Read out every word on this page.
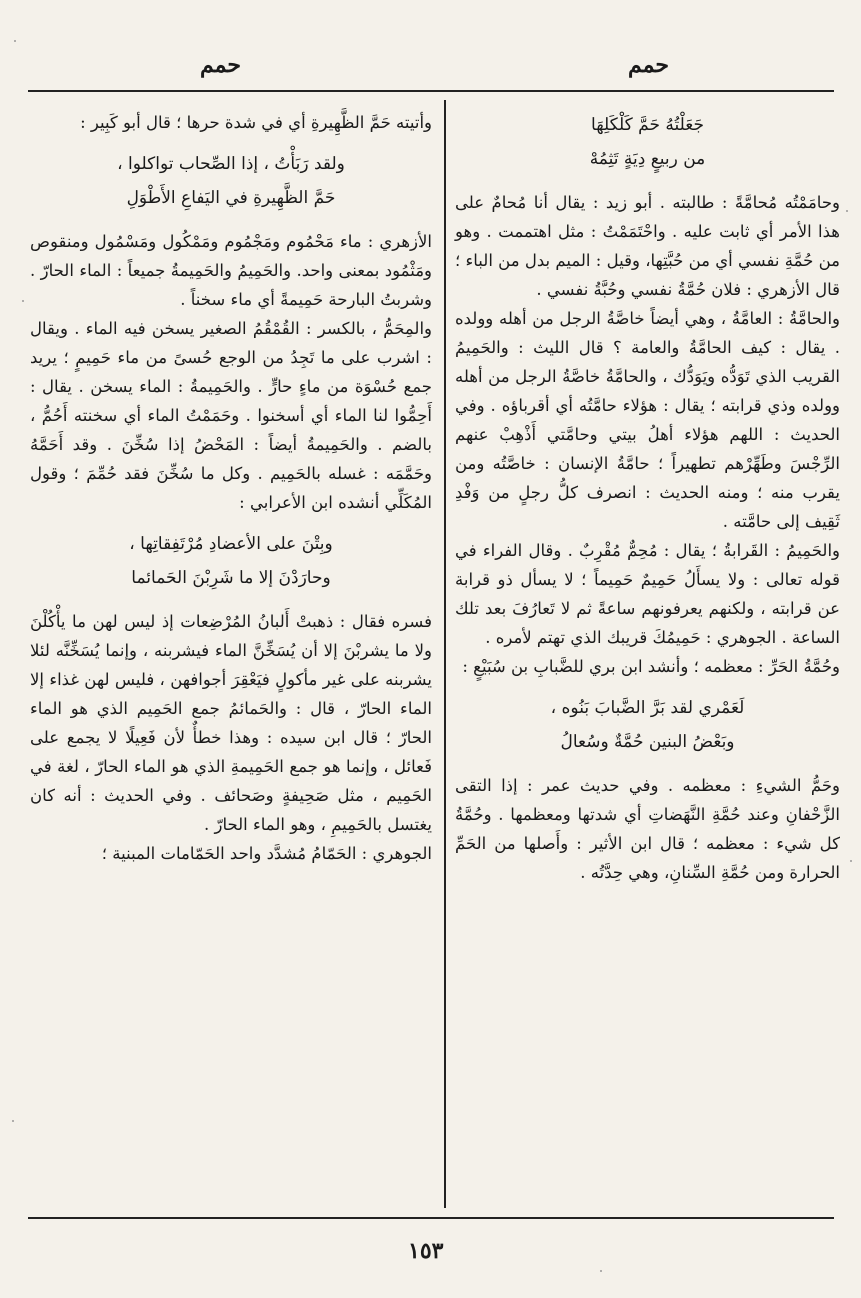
حمم
حمم

جَعَلْتُهُ حَمَّ كَلْكَلِهَا

من ربيعٍ دِيَةٍ تَثِمُهْ

وحامَمْتُه مُحامَّةً : طالبته . أبو زيد : يقال أنا مُحامٌ على هذا الأمر أي ثابت عليه . واحْتَمَمْتُ : مثل اهتممت . وهو من حُمَّةِ نفسي أي من حُبَّتِها، وقيل : الميم بدل من الباء ؛ قال الأزهري : فلان حُمَّةُ نفسي وحُبَّةُ نفسي .

والحامَّةُ : العامَّةُ ، وهي أيضاً خاصَّةُ الرجل من أهله وولده . يقال : كيف الحامَّةُ والعامة ؟ قال الليث : والحَمِيمُ القريب الذي تَوَدُّه ويَوَدُّك ، والحامَّةُ خاصَّةُ الرجل من أهله وولده وذي قرابته ؛ يقال : هؤلاء حامَّتُه أي أقرباؤه . وفي الحديث : اللهم هؤلاء أهلُ بيتي وحامَّتي أَذْهِبْ عنهم الرِّجْسَ وطَهِّرْهم تطهيراً ؛ حامَّةُ الإنسان : خاصَّتُه ومن يقرب منه ؛ ومنه الحديث : انصرف كلُّ رجلٍ من وَفْدِ ثَقِيف إلى حامَّته .

والحَمِيمُ : القَرابةُ ؛ يقال : مُحِمٌّ مُقْرِبٌ . وقال الفراء في قوله تعالى : ولا يسأَلُ حَمِيمٌ حَمِيماً ؛ لا يسأل ذو قرابة عن قرابته ، ولكنهم يعرفونهم ساعةً ثم لا تَعارُفَ بعد تلك الساعة . الجوهري : حَمِيمُكَ قريبك الذي تهتم لأمره .

وحُمَّةُ الحَرِّ : معظمه ؛ وأنشد ابن بري للضَّبابِ بن سُبَيْعٍ :

لَعَمْري لقد بَرَّ الضَّبابَ بَنُوه ،

وبَعْضُ البنين حُمَّةٌ وسُعالُ

وحَمُّ الشيءِ : معظمه . وفي حديث عمر : إذا التقى الزَّحْفانِ وعند حُمَّةِ النَّهَضاتِ أي شدتها ومعظمها . وحُمَّةُ كل شيء : معظمه ؛ قال ابن الأثير : وأَصلها من الحَمِّ الحرارة ومن حُمَّةِ السِّنانِ، وهي حِدَّتُه .

وأتيته حَمَّ الظَّهِيرةِ أي في شدة حرها ؛ قال أبو كَبِير :

ولقد رَبَأْتُ ، إذا الصِّحاب تواكلوا ،

حَمَّ الظَّهِيرةِ في اليَفاعِ الأَطْوَلِ

الأزهري : ماء مَحْمُوم ومَجْمُوم ومَمْكُول ومَسْمُول ومنقوص ومَثْمُود بمعنى واحد. والحَمِيمُ والحَمِيمةُ جميعاً : الماء الحارّ . وشربتُ البارحة حَمِيمةً أي ماء سخناً .

والمِحَمُّ ، بالكسر : القُمْقُمُ الصغير يسخن فيه الماء . ويقال : اشرب على ما تَجِدُ من الوجع حُسىً من ماء حَمِيمٍ ؛ يريد جمع حُسْوَة من ماءٍ حارٍّ . والحَمِيمةُ : الماء يسخن . يقال : أَحِمُّوا لنا الماء أي أسخنوا . وحَمَمْتُ الماء أي سخنته أَحُمُّ ، بالضم . والحَمِيمةُ أيضاً : المَحْضُ إذا سُخِّنَ . وقد أَحَمَّهُ وحَمَّمَه : غسله بالحَمِيم . وكل ما سُخِّنَ فقد حُمِّمَ ؛ وقول المُكَلِّي أنشده ابن الأعرابي :

وبِتْنَ على الأعضادِ مُرْتَفِقاتِها ،

وحارَدْنَ إلا ما شَرِبْنَ الحَمائما

فسره فقال : ذهبتْ أَلبانُ المُرْضِعات إذ ليس لهن ما يأْكُلْنَ ولا ما يشربْنَ إلا أن يُسَخِّنَّ الماء فيشربنه ، وإنما يُسَخِّنَّه لئلا يشربنه على غير مأكولٍ فيَعْقِرَ أجوافهن ، فليس لهن غذاء إلا الماء الحارّ ، قال : والحَمائمُ جمع الحَمِيم الذي هو الماء الحارّ ؛ قال ابن سيده : وهذا خطأٌ لأن فَعِيلًا لا يجمع على فَعائل ، وإنما هو جمع الحَمِيمةِ الذي هو الماء الحارّ ، لغة في الحَمِيم ، مثل صَحِيفةٍ وصَحائف . وفي الحديث : أنه كان يغتسل بالحَمِيمِ ، وهو الماء الحارّ .

الجوهري : الحَمّامُ مُشدَّد واحد الحَمّامات المبنية ؛

١٥٣
